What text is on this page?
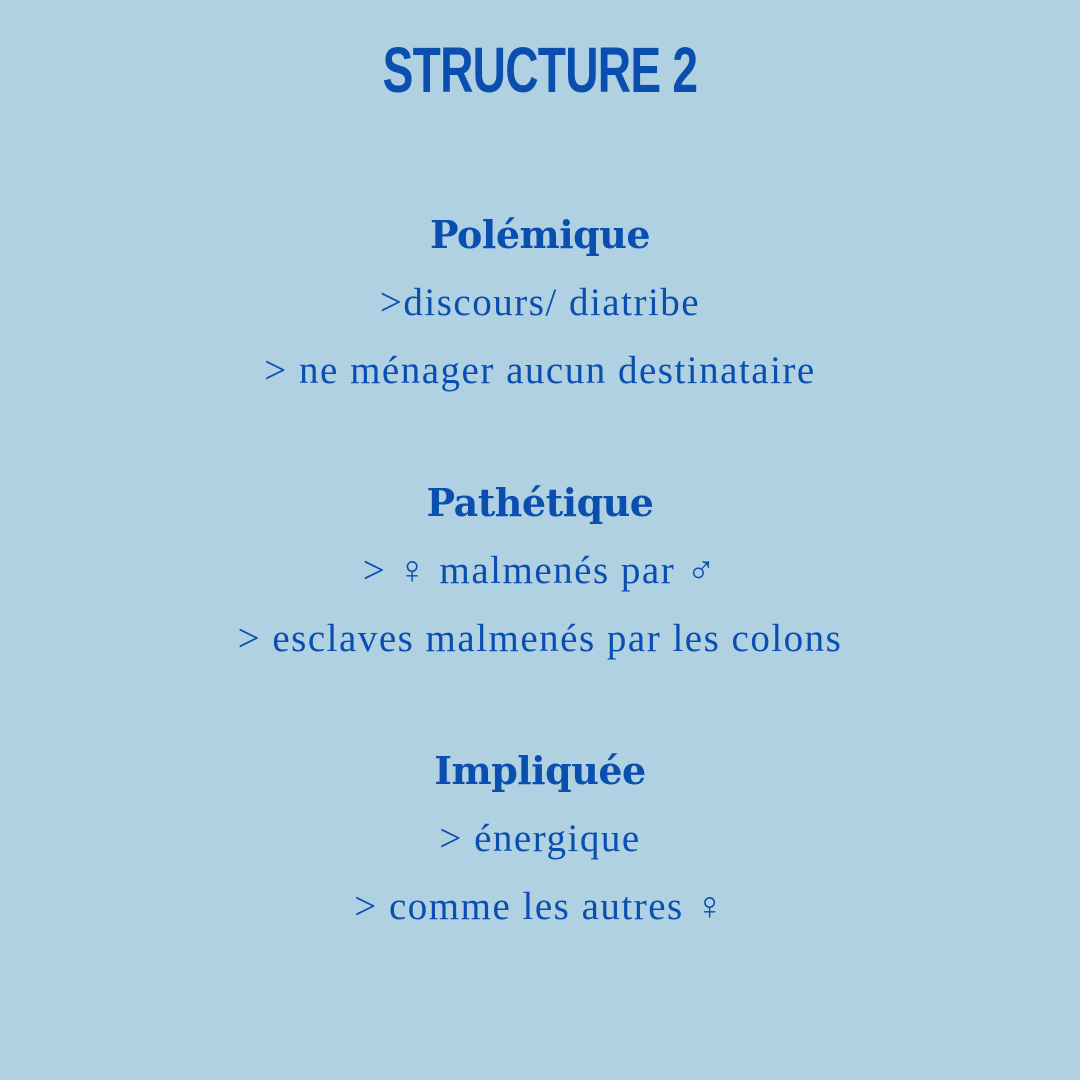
STRUCTURE 2
Polémique
>discours/ diatribe
> ne ménager aucun destinataire
Pathétique
> ♀ malmenés par ♂
> esclaves malmenés par les colons
Impliquée
> énergique
> comme les autres ♀
